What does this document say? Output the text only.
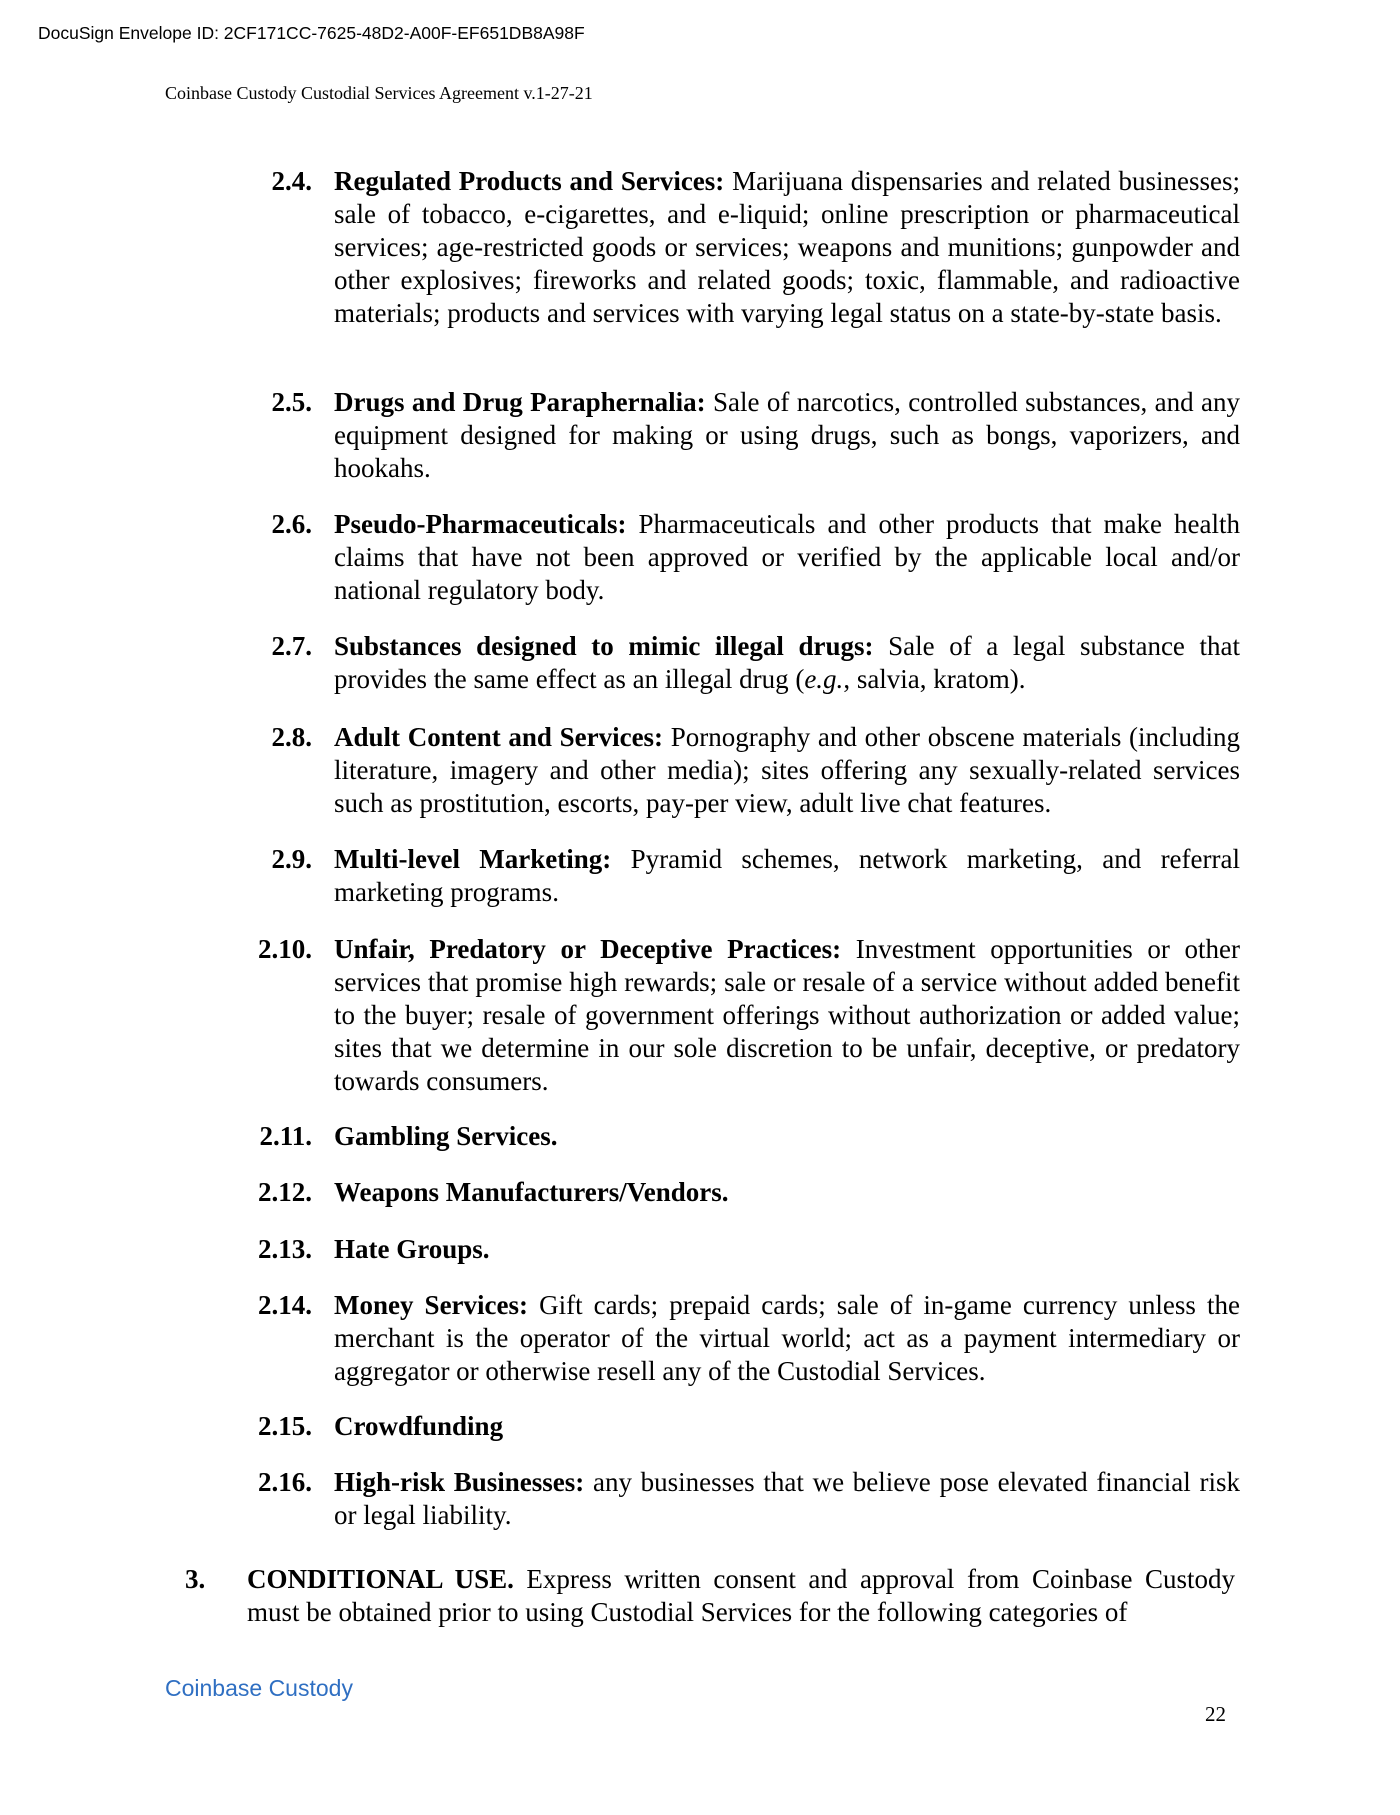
DocuSign Envelope ID: 2CF171CC-7625-48D2-A00F-EF651DB8A98F
Coinbase Custody Custodial Services Agreement v.1-27-21
2.4. Regulated Products and Services: Marijuana dispensaries and related businesses; sale of tobacco, e-cigarettes, and e-liquid; online prescription or pharmaceutical services; age-restricted goods or services; weapons and munitions; gunpowder and other explosives; fireworks and related goods; toxic, flammable, and radioactive materials; products and services with varying legal status on a state-by-state basis.
2.5. Drugs and Drug Paraphernalia: Sale of narcotics, controlled substances, and any equipment designed for making or using drugs, such as bongs, vaporizers, and hookahs.
2.6. Pseudo-Pharmaceuticals: Pharmaceuticals and other products that make health claims that have not been approved or verified by the applicable local and/or national regulatory body.
2.7. Substances designed to mimic illegal drugs: Sale of a legal substance that provides the same effect as an illegal drug (e.g., salvia, kratom).
2.8. Adult Content and Services: Pornography and other obscene materials (including literature, imagery and other media); sites offering any sexually-related services such as prostitution, escorts, pay-per view, adult live chat features.
2.9. Multi-level Marketing: Pyramid schemes, network marketing, and referral marketing programs.
2.10. Unfair, Predatory or Deceptive Practices: Investment opportunities or other services that promise high rewards; sale or resale of a service without added benefit to the buyer; resale of government offerings without authorization or added value; sites that we determine in our sole discretion to be unfair, deceptive, or predatory towards consumers.
2.11. Gambling Services.
2.12. Weapons Manufacturers/Vendors.
2.13. Hate Groups.
2.14. Money Services: Gift cards; prepaid cards; sale of in-game currency unless the merchant is the operator of the virtual world; act as a payment intermediary or aggregator or otherwise resell any of the Custodial Services.
2.15. Crowdfunding
2.16. High-risk Businesses: any businesses that we believe pose elevated financial risk or legal liability.
3. CONDITIONAL USE. Express written consent and approval from Coinbase Custody must be obtained prior to using Custodial Services for the following categories of
Coinbase Custody
22
